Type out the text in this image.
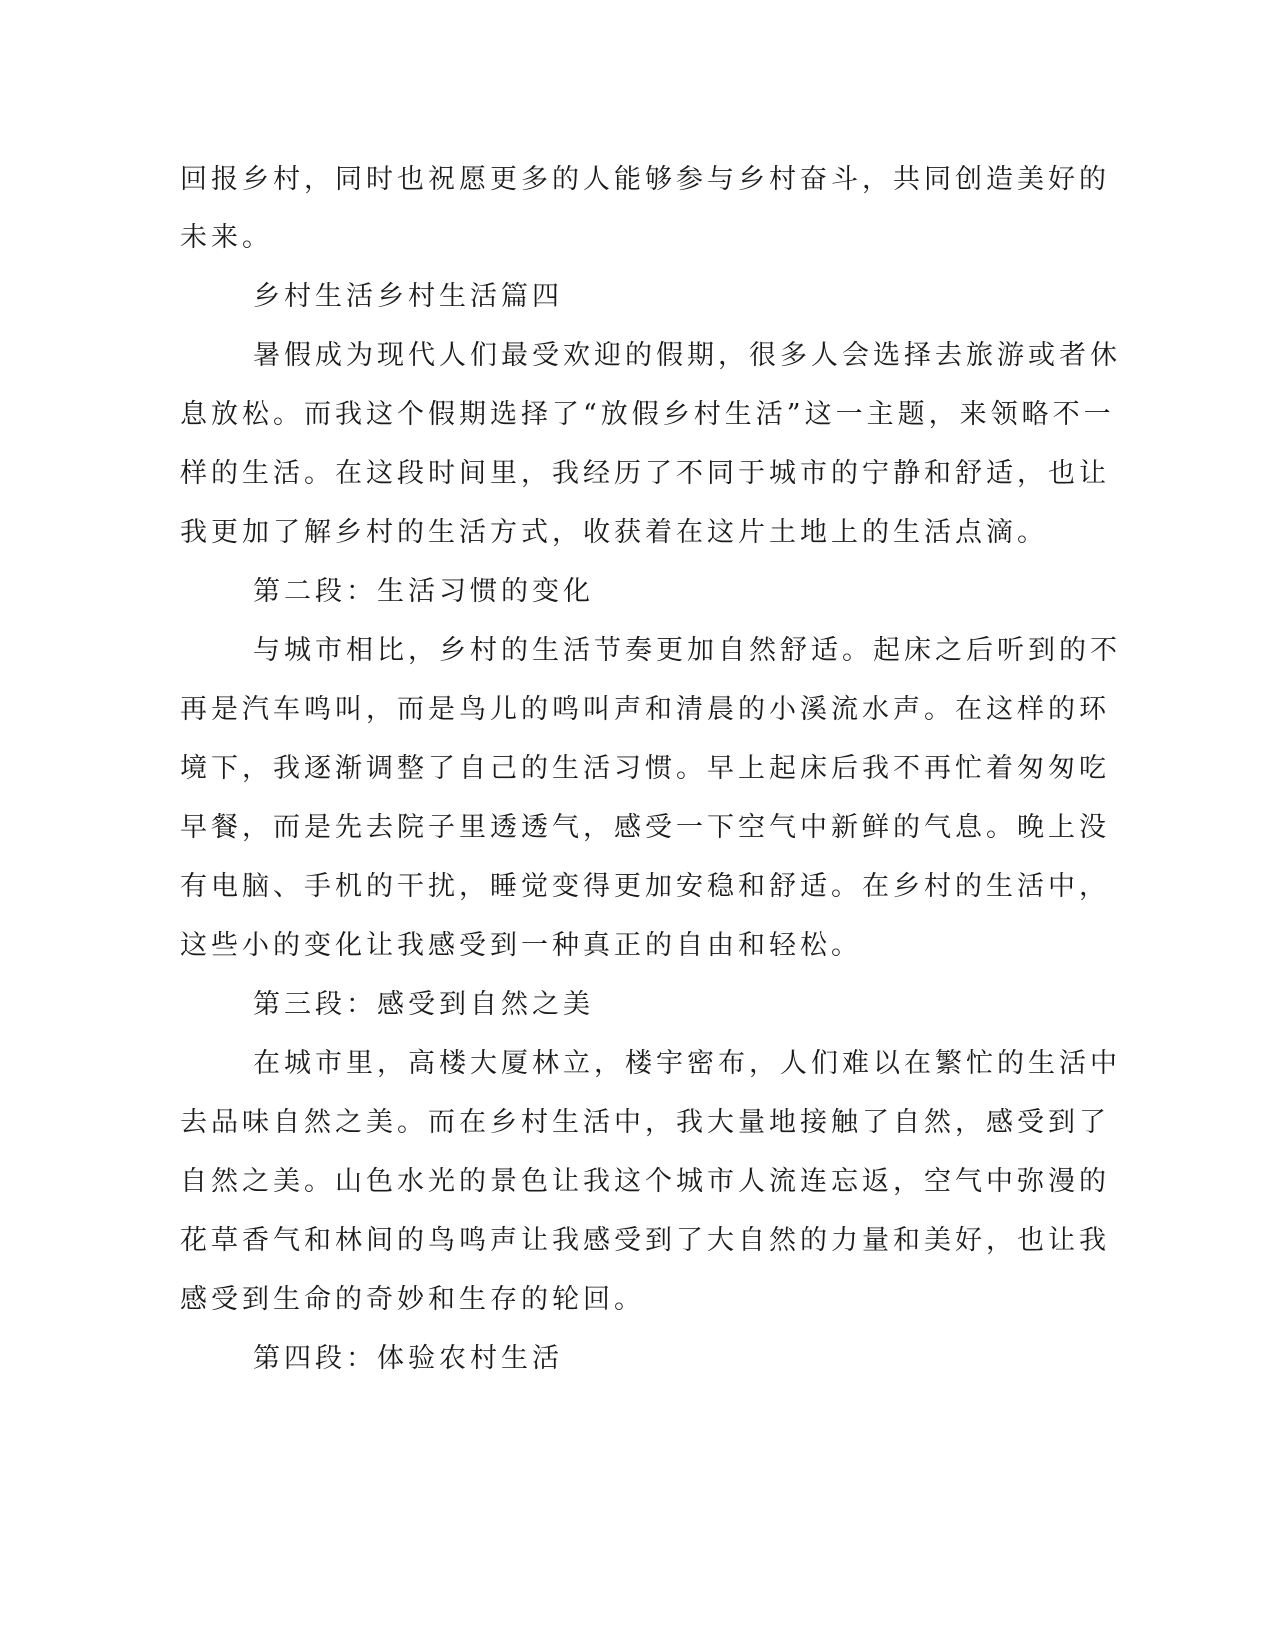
回报乡村，同时也祝愿更多的人能够参与乡村奋斗，共同创造美好的

未来。

乡村生活乡村生活篇四

暑假成为现代人们最受欢迎的假期，很多人会选择去旅游或者休

息放松。而我这个假期选择了“放假乡村生活”这一主题，来领略不一

样的生活。在这段时间里，我经历了不同于城市的宁静和舒适，也让

我更加了解乡村的生活方式，收获着在这片土地上的生活点滴。

第二段：生活习惯的变化

与城市相比，乡村的生活节奏更加自然舒适。起床之后听到的不

再是汽车鸣叫，而是鸟儿的鸣叫声和清晨的小溪流水声。在这样的环

境下，我逐渐调整了自己的生活习惯。早上起床后我不再忙着匆匆吃

早餐，而是先去院子里透透气，感受一下空气中新鲜的气息。晚上没

有电脑、手机的干扰，睡觉变得更加安稳和舒适。在乡村的生活中，

这些小的变化让我感受到一种真正的自由和轻松。

第三段：感受到自然之美

在城市里，高楼大厦林立，楼宇密布，人们难以在繁忙的生活中

去品味自然之美。而在乡村生活中，我大量地接触了自然，感受到了

自然之美。山色水光的景色让我这个城市人流连忘返，空气中弥漫的

花草香气和林间的鸟鸣声让我感受到了大自然的力量和美好，也让我

感受到生命的奇妙和生存的轮回。

第四段：体验农村生活
